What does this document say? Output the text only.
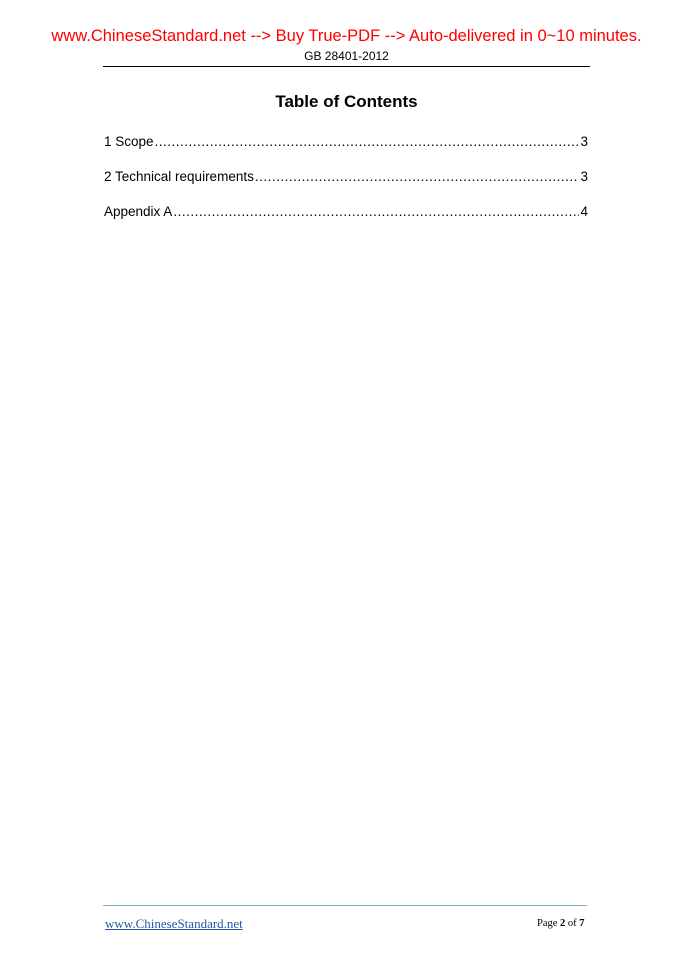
www.ChineseStandard.net --> Buy True-PDF --> Auto-delivered in 0~10 minutes.
GB 28401-2012
Table of Contents
1 Scope .....	3
2 Technical requirements .....	3
Appendix A .....	4
www.ChineseStandard.net	Page 2 of 7
